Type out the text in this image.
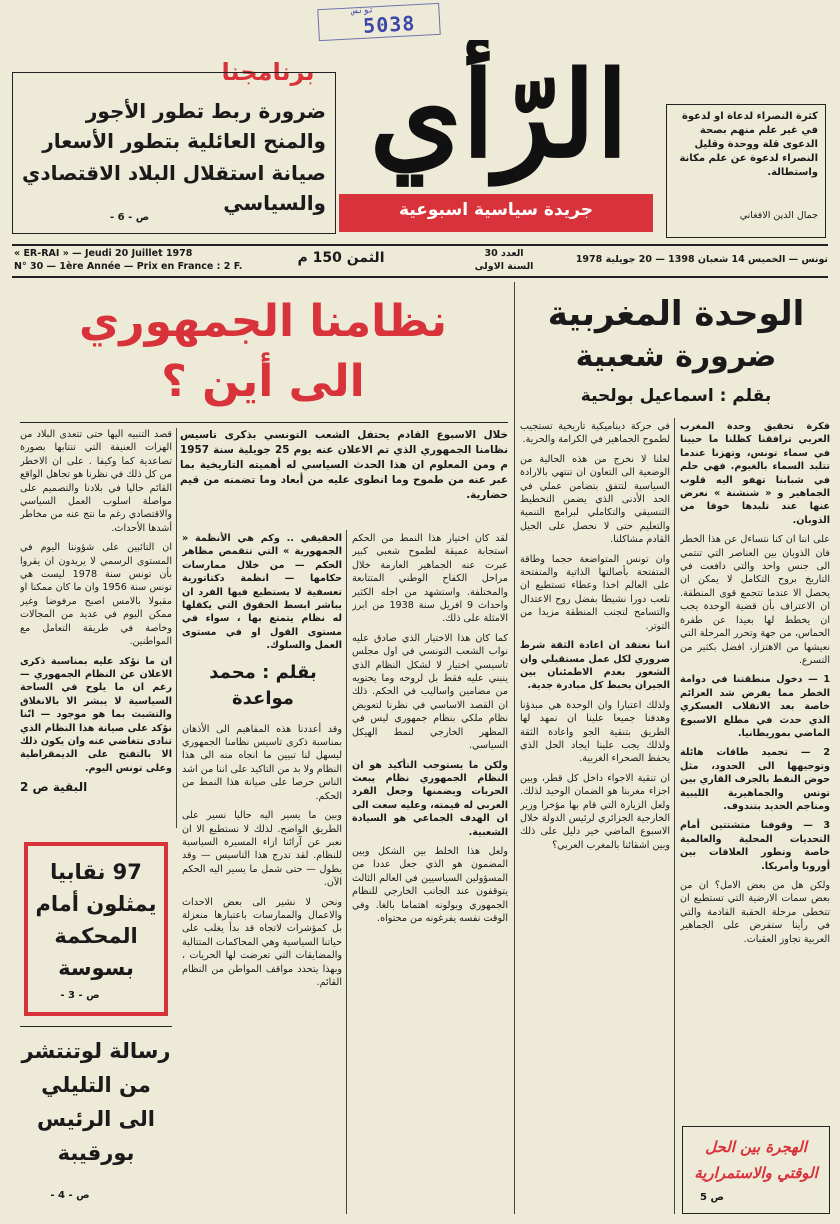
تونس
5038
كثرة النصراء لدعاة او لدعوة في غير علم منهم بصحة الدعوى قلة ووحدة وقليل النصراء لدعوة عن علم مكانة واستطالة.
جمال الدين الافغاني
الرّأي
جريدة سياسية اسبوعية
برنامجنا
ضرورة ربط تطور الأجور والمنح العائلية بتطور الأسعار
صيانة استقلال البلاد الاقتصادي والسياسي
ص - 6 -
« ER-RAI » — Jeudi 20 Juillet 1978
N° 30 — 1ère Année — Prix en France : 2 F.
الثمن 150 م	العدد 30
السنة الاولى
تونس — الخميس 14 شعبان 1398 — 20 جويلية 1978
الوحدة المغربية
ضرورة شعبية
بقلم : اسماعيل بولحية

فكرة تحقيق وحدة المغرب العربي ترافقنا كظلنا ما حيينا في سماء تونس، وتهزنا عندما تتلبد السماء بالغيوم. فهي حلم في شبابنا تهفو اليه قلوب الجماهير و « شنشنة » نعرض عنها عند تلبدها خوفا من الذوبان.

على اننا ان كنا نتساءل عن هذا الخطر فان الذوبان بين العناصر التي تنتمي الى جنس واحد والتي دافعت في التاريخ بروح التكامل لا يمكن ان يحصل الا عندما تتجمع قوى المنطقة. ان الاعتراف بأن قضية الوحدة يجب ان يخطط لها بعيدا عن طفرة الحماس، من جهة وتحرر المرحلة التي نعيشها من الاهتزاز، افضل بكثير من التسرع.

1 — دخول منطقتنا في دوامة الخطر مما يفرض شد العزائم خاصة بعد الانقلاب العسكري الذي حدث في مطلع الاسبوع الماضي بموريطانيا.

2 — تجميد طاقات هائلة وتوجيهها الى الحدود، مثل حوض النفط بالجرف القاري بين تونس والجماهيرية الليبية ومناجم الحديد بتندوف.

3 — وقوفنا متشتتين أمام التحديات المحلية والعالمية خاصة وتطور العلاقات بين أوروبا وأمريكا.

ولكن هل من بعض الامل؟ ان من بعض سمات الارضية التي تستطيع ان تتخطى مرحلة الحقبة القادمة والتي في رأينا ستفرض على الجماهير العربية تجاوز العقبات.

في حركة ديناميكية تاريخية تستجيب لطموح الجماهير في الكرامة والحرية.

لعلنا لا نخرج من هذه الحالية من الوضعية الى التعاون ان تنتهي بالارادة السياسية لتتفق بتضامن عملي في الحد الأدنى الذي يضمن التخطيط التنسيقي والتكاملي لبرامج التنمية والتعليم حتى لا نحصل على الجيل القادم مشاكلنا.

وان تونس المتواضعة حجما وطاقة المتفتحة بأصالتها الذاتية والمتفتحة على العالم اخذا وعطاء تستطيع ان تلعب دورا نشيطا بفضل روح الاعتدال والتسامح لتجنب المنطقة مزيدا من التوتر.

اننا نعتقد ان اعادة الثقة شرط ضروري لكل عمل مستقبلي وان الشعور بعدم الاطمئنان بين الجيران يحبط كل مبادرة جدية.

ولذلك اعتبارا وان الوحدة هي مبدؤنا وهدفنا جميعا علينا ان نمهد لها الطريق بتنقية الجو واعادة الثقة ولذلك يجب علينا ايجاد الحل الذي يحفظ الصحراء الغربية.

ان تنقية الاجواء داخل كل قطر، وبين اجزاء مغربنا هو الضمان الوحيد لذلك. ولعل الزيارة التي قام بها مؤخرا وزير الخارجية الجزائري لرئيس الدولة خلال الاسبوع الماضي خير دليل على ذلك وبين اشقائنا بالمغرب العربي؟

نظامنا الجمهوري
الى أين ؟

خلال الاسبوع القادم يحتفل الشعب التونسي بذكرى تاسيس نظامنا الجمهوري الذي تم الاعلان عنه يوم 25 جويلية سنة 1957 م ومن المعلوم ان هذا الحدث السياسي له أهميته التاريخية بما عبر عنه من طموح وما انطوى عليه من أبعاد وما تضمنه من قيم حضارية.

قصد التنبيه اليها حتى تتعدى البلاد من الهزات العنيفة التي تنتابها بصورة تصاعدية كما وكيفا . على ان الاخطر من كل ذلك في نظرنا هو تجاهل الواقع القائم حاليا في بلادنا والتصميم على مواصلة اسلوب العمل السياسي والاقتصادي رغم ما نتج عنه من مخاطر أشدها الأحداث.

ان التائبين على شؤوننا اليوم في المستوى الرسمي لا يريدون ان يقروا بأن تونس سنة 1978 ليست هي تونس سنة 1956 وان ما كان ممكنا او مقبولا بالامس اصبح مرفوضا وغير ممكن اليوم في عديد من المجالات وخاصة في طريقة التعامل مع المواطنين.

ان ما نؤكد عليه بمناسبة ذكرى الاعلان عن النظام الجمهوري — رغم ان ما يلوح في الساحة السياسية لا يبشر الا بالانغلاق والتشبث بما هو موجود — انّنا نؤكد على صيانة هذا النظام الذي تنادى نتغاضي عنه وان يكون ذلك الا بالتفتح على الديمقراطية وعلى تونس اليوم.

البقية ص 2

لقد كان اختيار هذا النمط من الحكم استجابة عميقة لطموح شعبي كبير عبرت عنه الجماهير العارمة خلال مراحل الكفاح الوطني المتتابعة والمختلفة. واستشهد من اجله الكثير واحداث 9 افريل سنة 1938 من ابرز الامثلة على ذلك.

كما كان هذا الاختيار الذي صادق عليه نواب الشعب التونسي في اول مجلس تاسيسي اختيار لا لشكل النظام الذي ينبني عليه فقط بل لروحه وما يحتويه من مضامين واساليب في الحكم. ذلك ان القصد الاساسي في نظرنا لتعويض نظام ملكي بنظام جمهوري ليس في المظهر الخارجي لنمط الهيكل السياسي.

ولكن ما يستوجب التأكيد هو ان النظام الجمهوري نظام يبعث الحريات ويضمنها وجعل الفرد العربي له قيمته، وعليه سعت الى ان الهدف الجماعي هو السيادة الشعبية.

ولعل هذا الخلط بين الشكل وبين المضمون هو الذي جعل عددا من المسؤولين السياسيين في العالم الثالث يتوقفون عند الجانب الخارجي للنظام الجمهوري ويولونه اهتماما بالغا. وفي الوقت نفسه يفرغونه من محتواه.

بقلم : محمد مواعدة

الحقيقي .. وكم هي الأنظمة « الجمهورية » التي تتقمص مظاهر الحكم — من خلال ممارسات حكامها — انظمة دكتاتورية تعسفية لا يستطيع فيها الفرد ان يباشر ابسط الحقوق التي يكفلها له نظام يتمتع بها ، سواء في مستوى القول او في مستوى العمل والسلوك.

وقد أعددنا هذه المفاهيم الى الأذهان بمناسبة ذكرى تاسيس نظامنا الجمهوري ليسهل لنا تبيين ما انجاه منه الى هذا النظام ولا بد من التاكيد على اننا من اشد الناس حرصا على صيانة هذا النمط من الحكم.

وبين ما يسير اليه حاليا نسير على الطريق الواضح. لذلك لا نستطيع الا ان نعبر عن آرائنا ازاء المسيرة السياسية للنظام. لقد تدرج هذا التاسيس — وقد يطول — حتى شمل ما يسير اليه الحكم الآن.

ونحن لا نشير الى بعض الاحداث والاعمال والممارسات باعتبارها منعزلة بل كمؤشرات لاتجاه قد بدأ يغلب على حياتنا السياسية وهي المحاكمات المتتالية والمضايقات التي تعرضت لها الحريات ، وبهذا يتحدد مواقف المواطن من النظام القائم.

97 نقابيا يمثلون أمام المحكمة بسوسة
ص - 3 -
رسالة لوتنتشر من التليلي الى الرئيس بورقيبة
ص - 4 -
الهجرة بين الحل الوقتي والاستمرارية
ص 5
